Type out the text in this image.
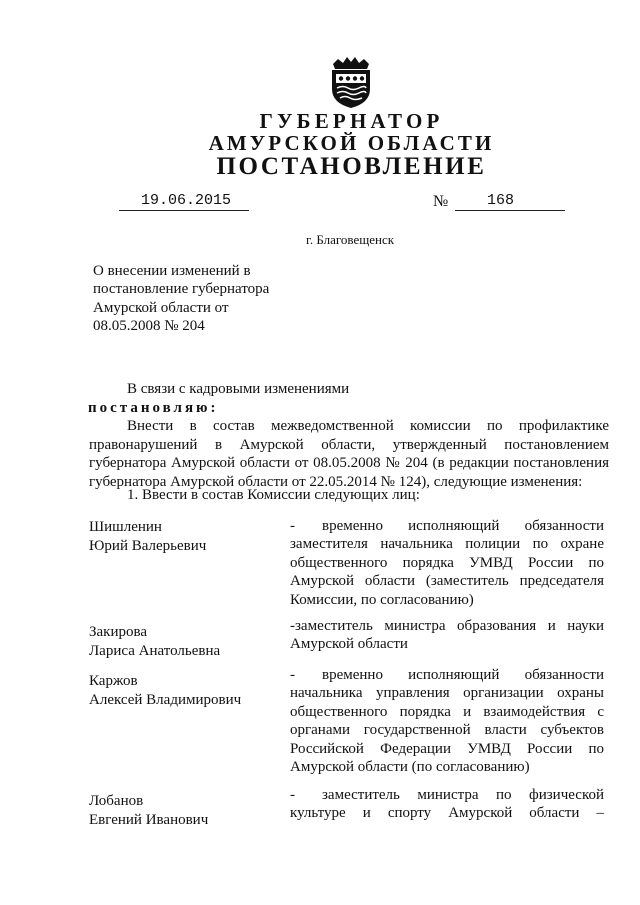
ГУБЕРНАТОР
АМУРСКОЙ ОБЛАСТИ
ПОСТАНОВЛЕНИЕ
19.06.2015	№	168
г. Благовещенск
О внесении изменений в
постановление губернатора
Амурской области от
08.05.2008 № 204
В связи с кадровыми изменениями
постановляю:
Внести в состав межведомственной комиссии по профилактике правонарушений в Амурской области, утвержденный постановлением губернатора Амурской области от 08.05.2008 № 204 (в редакции постановления губернатора Амурской области от 22.05.2014 № 124), следующие изменения:
1. Ввести в состав Комиссии следующих лиц:
Шишленин
Юрий Валерьевич
- временно исполняющий обязанности заместителя начальника полиции по охране общественного порядка УМВД России по Амурской области (заместитель председателя Комиссии, по согласованию)
Закирова
Лариса Анатольевна
-заместитель министра образования и науки Амурской области
Каржов
Алексей Владимирович
- временно исполняющий обязанности начальника управления организации охраны общественного порядка и взаимодействия с органами государственной власти субъектов Российской Федерации УМВД России по Амурской области (по согласованию)
Лобанов
Евгений Иванович
- заместитель министра по физической культуре и спорту Амурской области –
